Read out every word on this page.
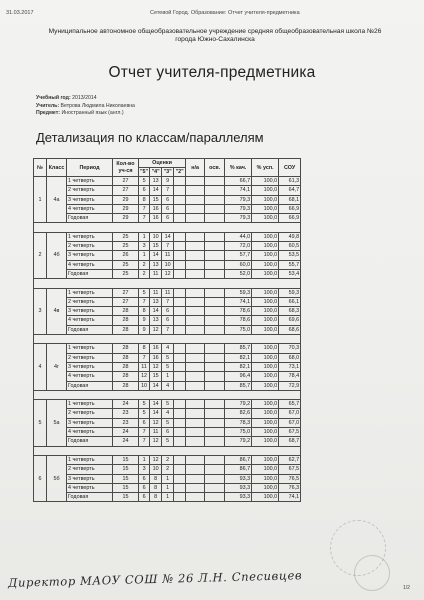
31.03.2017	Сетевой Город. Образование: Отчет учителя-предметника
Муниципальное автономное общеобразовательное учреждение средняя общеобразовательная школа №26
города Южно-Сахалинска
Отчет учителя-предметника
Учебный год: 2013/2014
Учитель: Ветрова Людмила Николаевна
Предмет: Иностранный язык (англ.)
Детализация по классам/параллелям
№	Класс	Период	Кол-во уч-ся	Оценки				н/а	осв.	% кач.	% усп.	СОУ
				"5"	"4"	"3"	"2"					
1	4а	1 четверть	27	5	13	9				66,7	100,0	61,3
		2 четверть	27	6	14	7				74,1	100,0	64,7
		3 четверть	29	8	15	6				79,3	100,0	68,1
		4 четверть	29	7	16	6				79,3	100,0	66,9
		Годовая	29	7	16	6				79,3	100,0	66,9

2	4б	1 четверть	25	1	10	14				44,0	100,0	49,8
		2 четверть	25	3	15	7				72,0	100,0	60,5
		3 четверть	26	1	14	11				57,7	100,0	53,5
		4 четверть	25	2	13	10				60,0	100,0	55,7
		Годовая	25	2	11	12				52,0	100,0	53,4

3	4в	1 четверть	27	5	11	11				59,3	100,0	59,3
		2 четверть	27	7	13	7				74,1	100,0	66,1
		3 четверть	28	8	14	6				78,6	100,0	68,3
		4 четверть	28	9	13	6				78,6	100,0	69,6
		Годовая	28	9	12	7				75,0	100,0	68,6

4	4г	1 четверть	28	8	16	4				85,7	100,0	70,3
		2 четверть	28	7	16	5				82,1	100,0	68,0
		3 четверть	28	11	12	5				82,1	100,0	73,1
		4 четверть	28	12	15	1				96,4	100,0	78,4
		Годовая	28	10	14	4				85,7	100,0	72,9

5	5а	1 четверть	24	5	14	5				79,2	100,0	65,7
		2 четверть	23	5	14	4				82,6	100,0	67,0
		3 четверть	23	6	12	5				78,3	100,0	67,0
		4 четверть	24	7	11	6				75,0	100,0	67,5
		Годовая	24	7	12	5				79,2	100,0	68,7

6	5б	1 четверть	15	1	12	2				86,7	100,0	62,7
		2 четверть	15	3	10	2				86,7	100,0	67,5
		3 четверть	15	6	8	1				93,3	100,0	76,5
		4 четверть	15	6	8	1				93,3	100,0	76,3
		Годовая	15	6	8	1				93,3	100,0	74,1
Директор МАОУ СОШ № 26 Л.Н. Спесивцев	1/2
